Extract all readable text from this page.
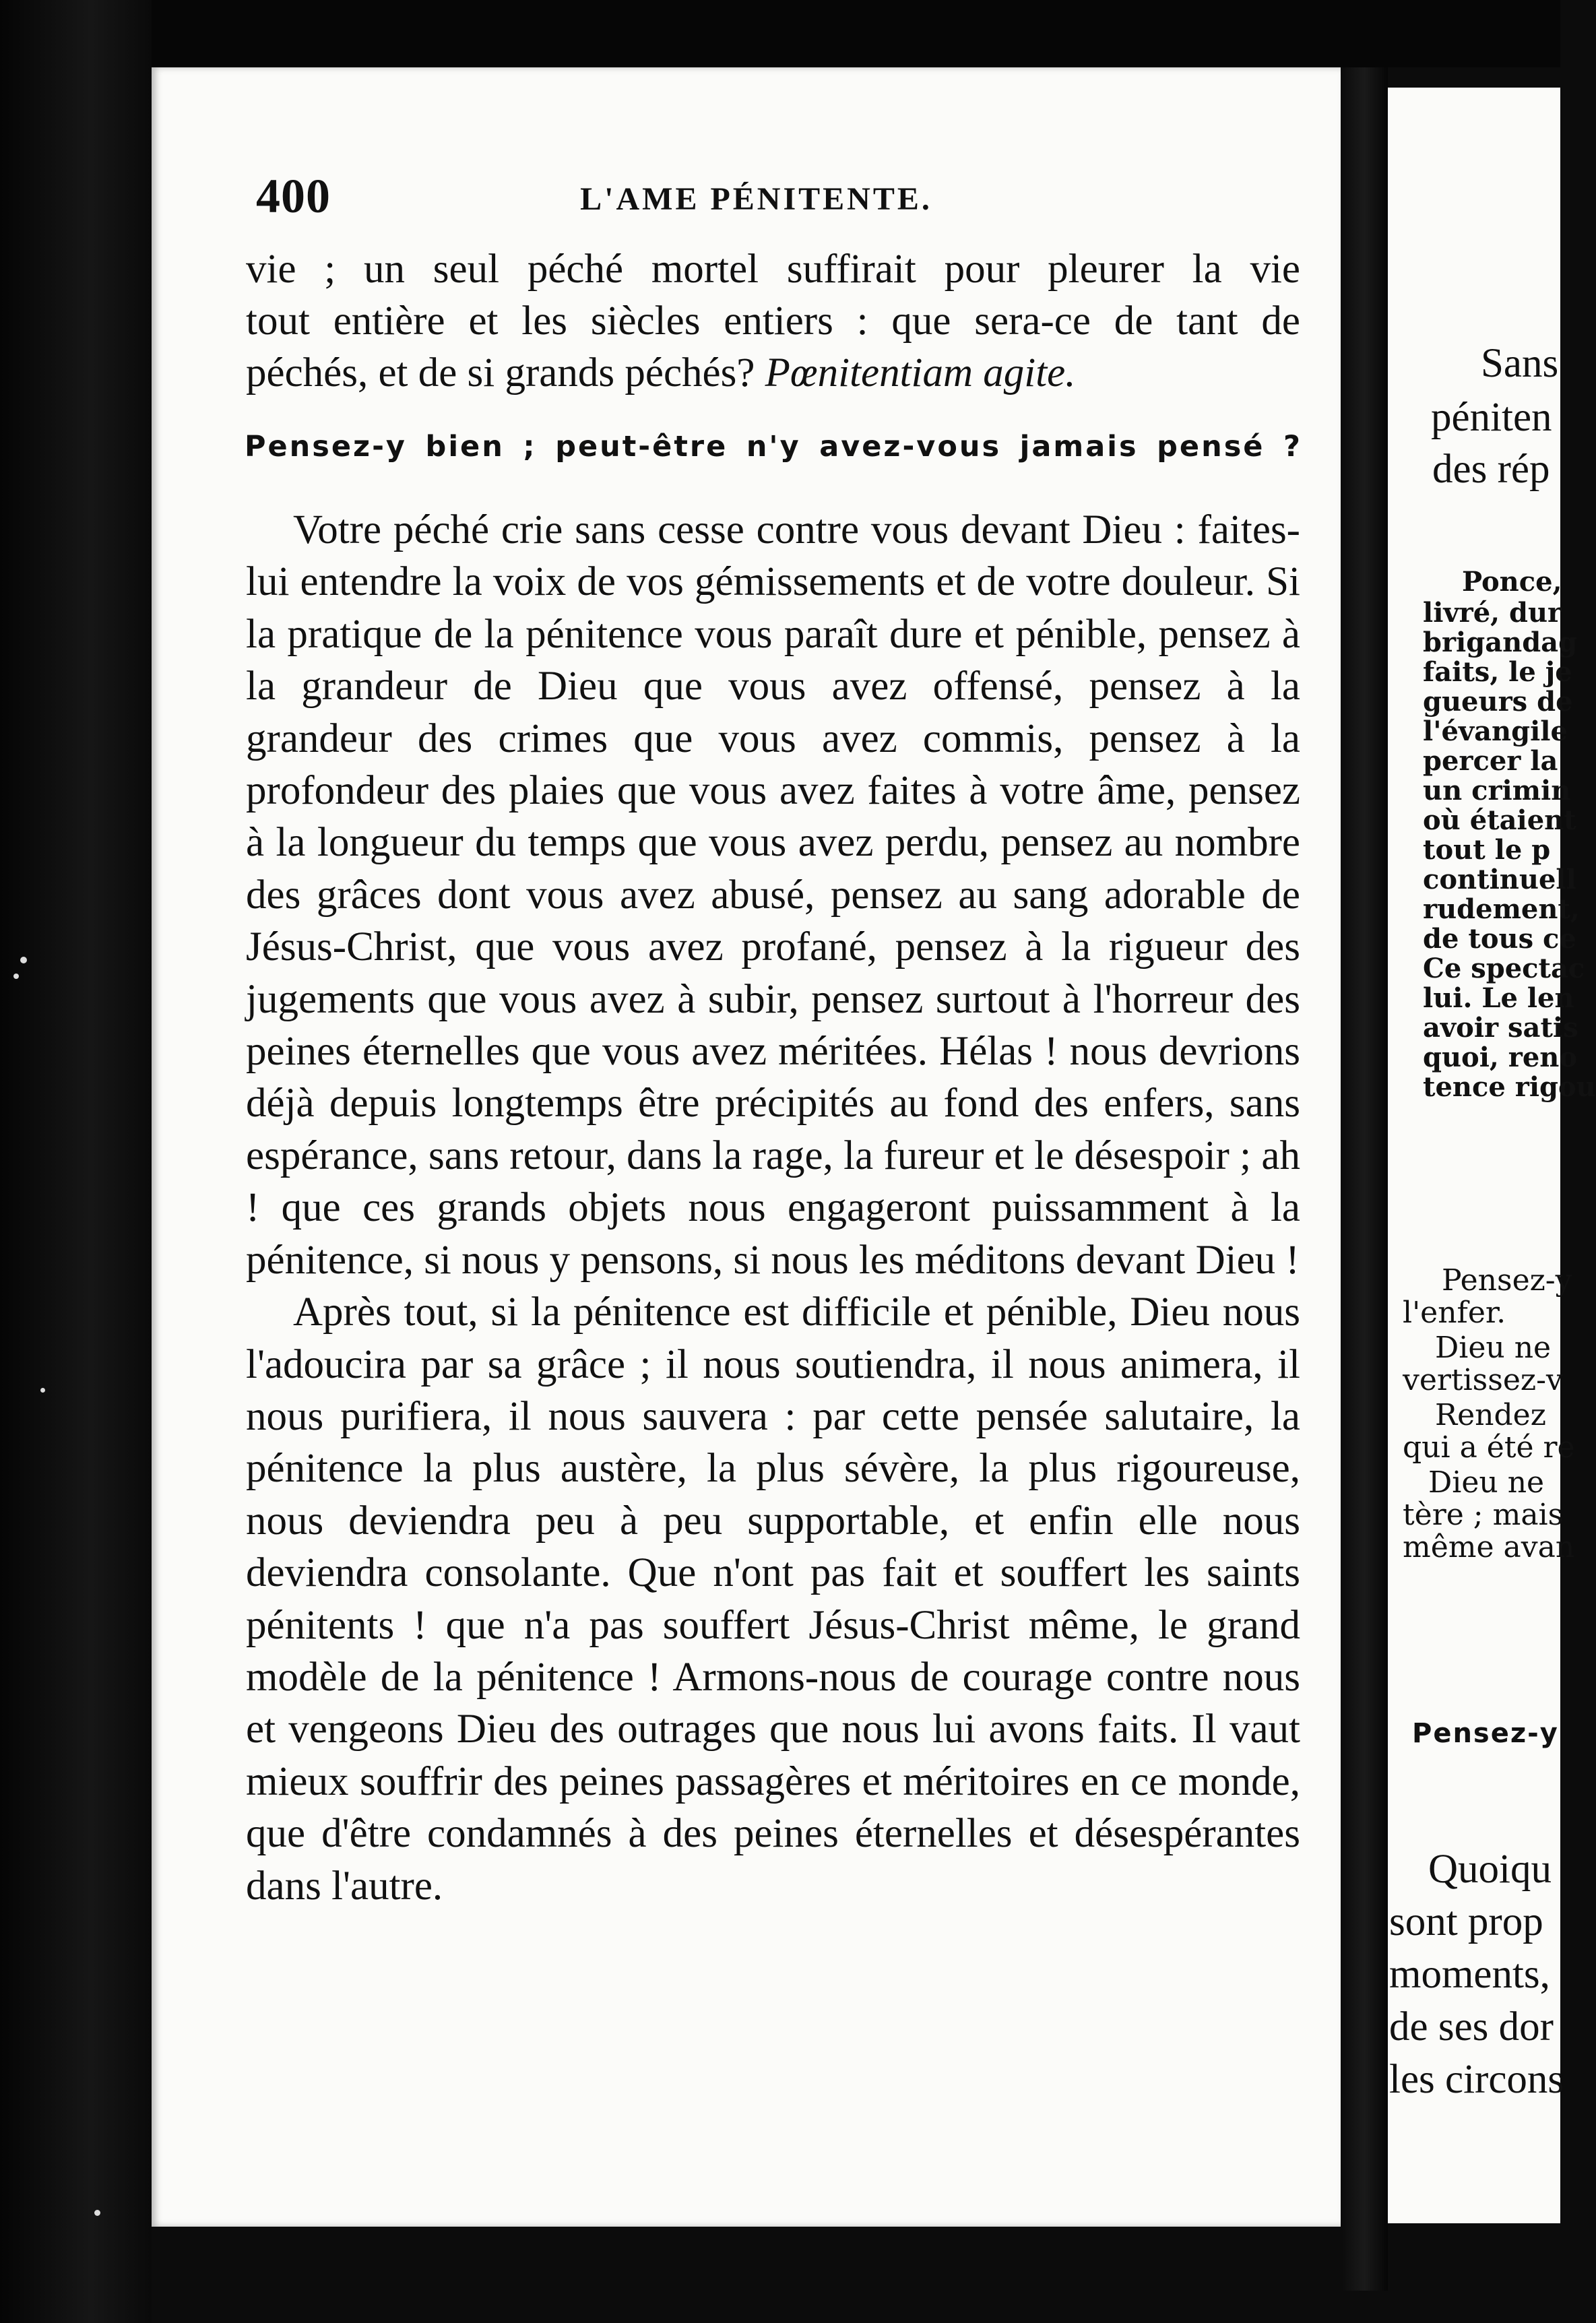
400	L'AME PÉNITENTE.

vie ; un seul péché mortel suffirait pour pleurer la vie

tout entière et les siècles entiers : que sera-ce de tant de

péchés, et de si grands péchés? Pœnitentiam agite.

Pensez-y bien ; peut-être n'y avez-vous jamais pensé ?

Votre péché crie sans cesse contre vous devant Dieu : faites-lui entendre la voix de vos gémissements et de votre douleur. Si la pratique de la pénitence vous paraît dure et pénible, pensez à la grandeur de Dieu que vous avez offensé, pensez à la grandeur des crimes que vous avez commis, pensez à la profondeur des plaies que vous avez faites à votre âme, pensez à la longueur du temps que vous avez perdu, pensez au nombre des grâces dont vous avez abusé, pensez au sang adorable de Jésus-Christ, que vous avez profané, pensez à la rigueur des jugements que vous avez à subir, pensez surtout à l'horreur des peines éternelles que vous avez méritées. Hélas ! nous devrions déjà depuis longtemps être précipités au fond des enfers, sans espérance, sans retour, dans la rage, la fureur et le désespoir ; ah ! que ces grands objets nous engageront puissamment à la pénitence, si nous y pensons, si nous les méditons devant Dieu !

Après tout, si la pénitence est difficile et pénible, Dieu nous l'adoucira par sa grâce ; il nous soutiendra, il nous animera, il nous purifiera, il nous sauvera : par cette pensée salutaire, la pénitence la plus austère, la plus sévère, la plus rigoureuse, nous deviendra peu à peu supportable, et enfin elle nous deviendra consolante. Que n'ont pas fait et souffert les saints pénitents ! que n'a pas souffert Jésus-Christ même, le grand modèle de la pénitence ! Armons-nous de courage contre nous et vengeons Dieu des outrages que nous lui avons faits. Il vaut mieux souffrir des peines passagères et méritoires en ce monde, que d'être condamnés à des peines éternelles et désespérantes dans l'autre.

Sans
péniten
des rép
Ponce,
livré, dur
brigandag
faits, le je
gueurs de
l'évangile
percer la
un crimin
où étaient
tout le p
continuell
rudement,
de tous ce
Ce spectac
lui. Le len
avoir satis
quoi, reno
tence rigou
Pensez-y
l'enfer.
Dieu ne
vertissez-v
Rendez
qui a été re
Dieu ne
tère ; mais
même avan
Pensez-y
Quoiqu
sont prop
moments,
de ses dor
les circons
